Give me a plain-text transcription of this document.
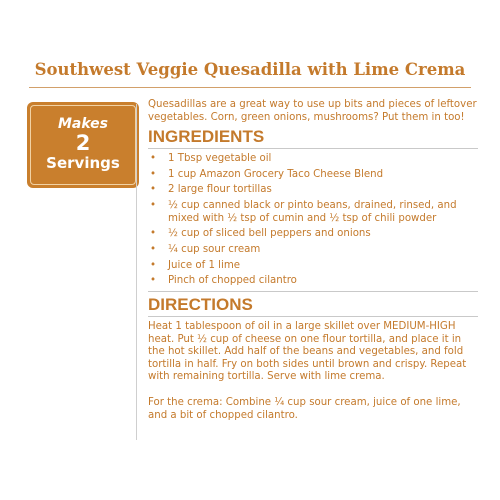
Southwest Veggie Quesadilla with Lime Crema
Makes
2
Servings
Quesadillas are a great way to use up bits and pieces of leftover vegetables. Corn, green onions, mushrooms? Put them in too!
INGREDIENTS
• 1 Tbsp vegetable oil
• 1 cup Amazon Grocery Taco Cheese Blend
• 2 large flour tortillas
• ½ cup canned black or pinto beans, drained, rinsed, and mixed with ½ tsp of cumin and ½ tsp of chili powder
• ½ cup of sliced bell peppers and onions
• ¼ cup sour cream
• Juice of 1 lime
• Pinch of chopped cilantro
DIRECTIONS
Heat 1 tablespoon of oil in a large skillet over MEDIUM-HIGH heat. Put ½ cup of cheese on one flour tortilla, and place it in the hot skillet. Add half of the beans and vegetables, and fold tortilla in half. Fry on both sides until brown and crispy. Repeat with remaining tortilla. Serve with lime crema.
For the crema: Combine ¼ cup sour cream, juice of one lime, and a bit of chopped cilantro.
